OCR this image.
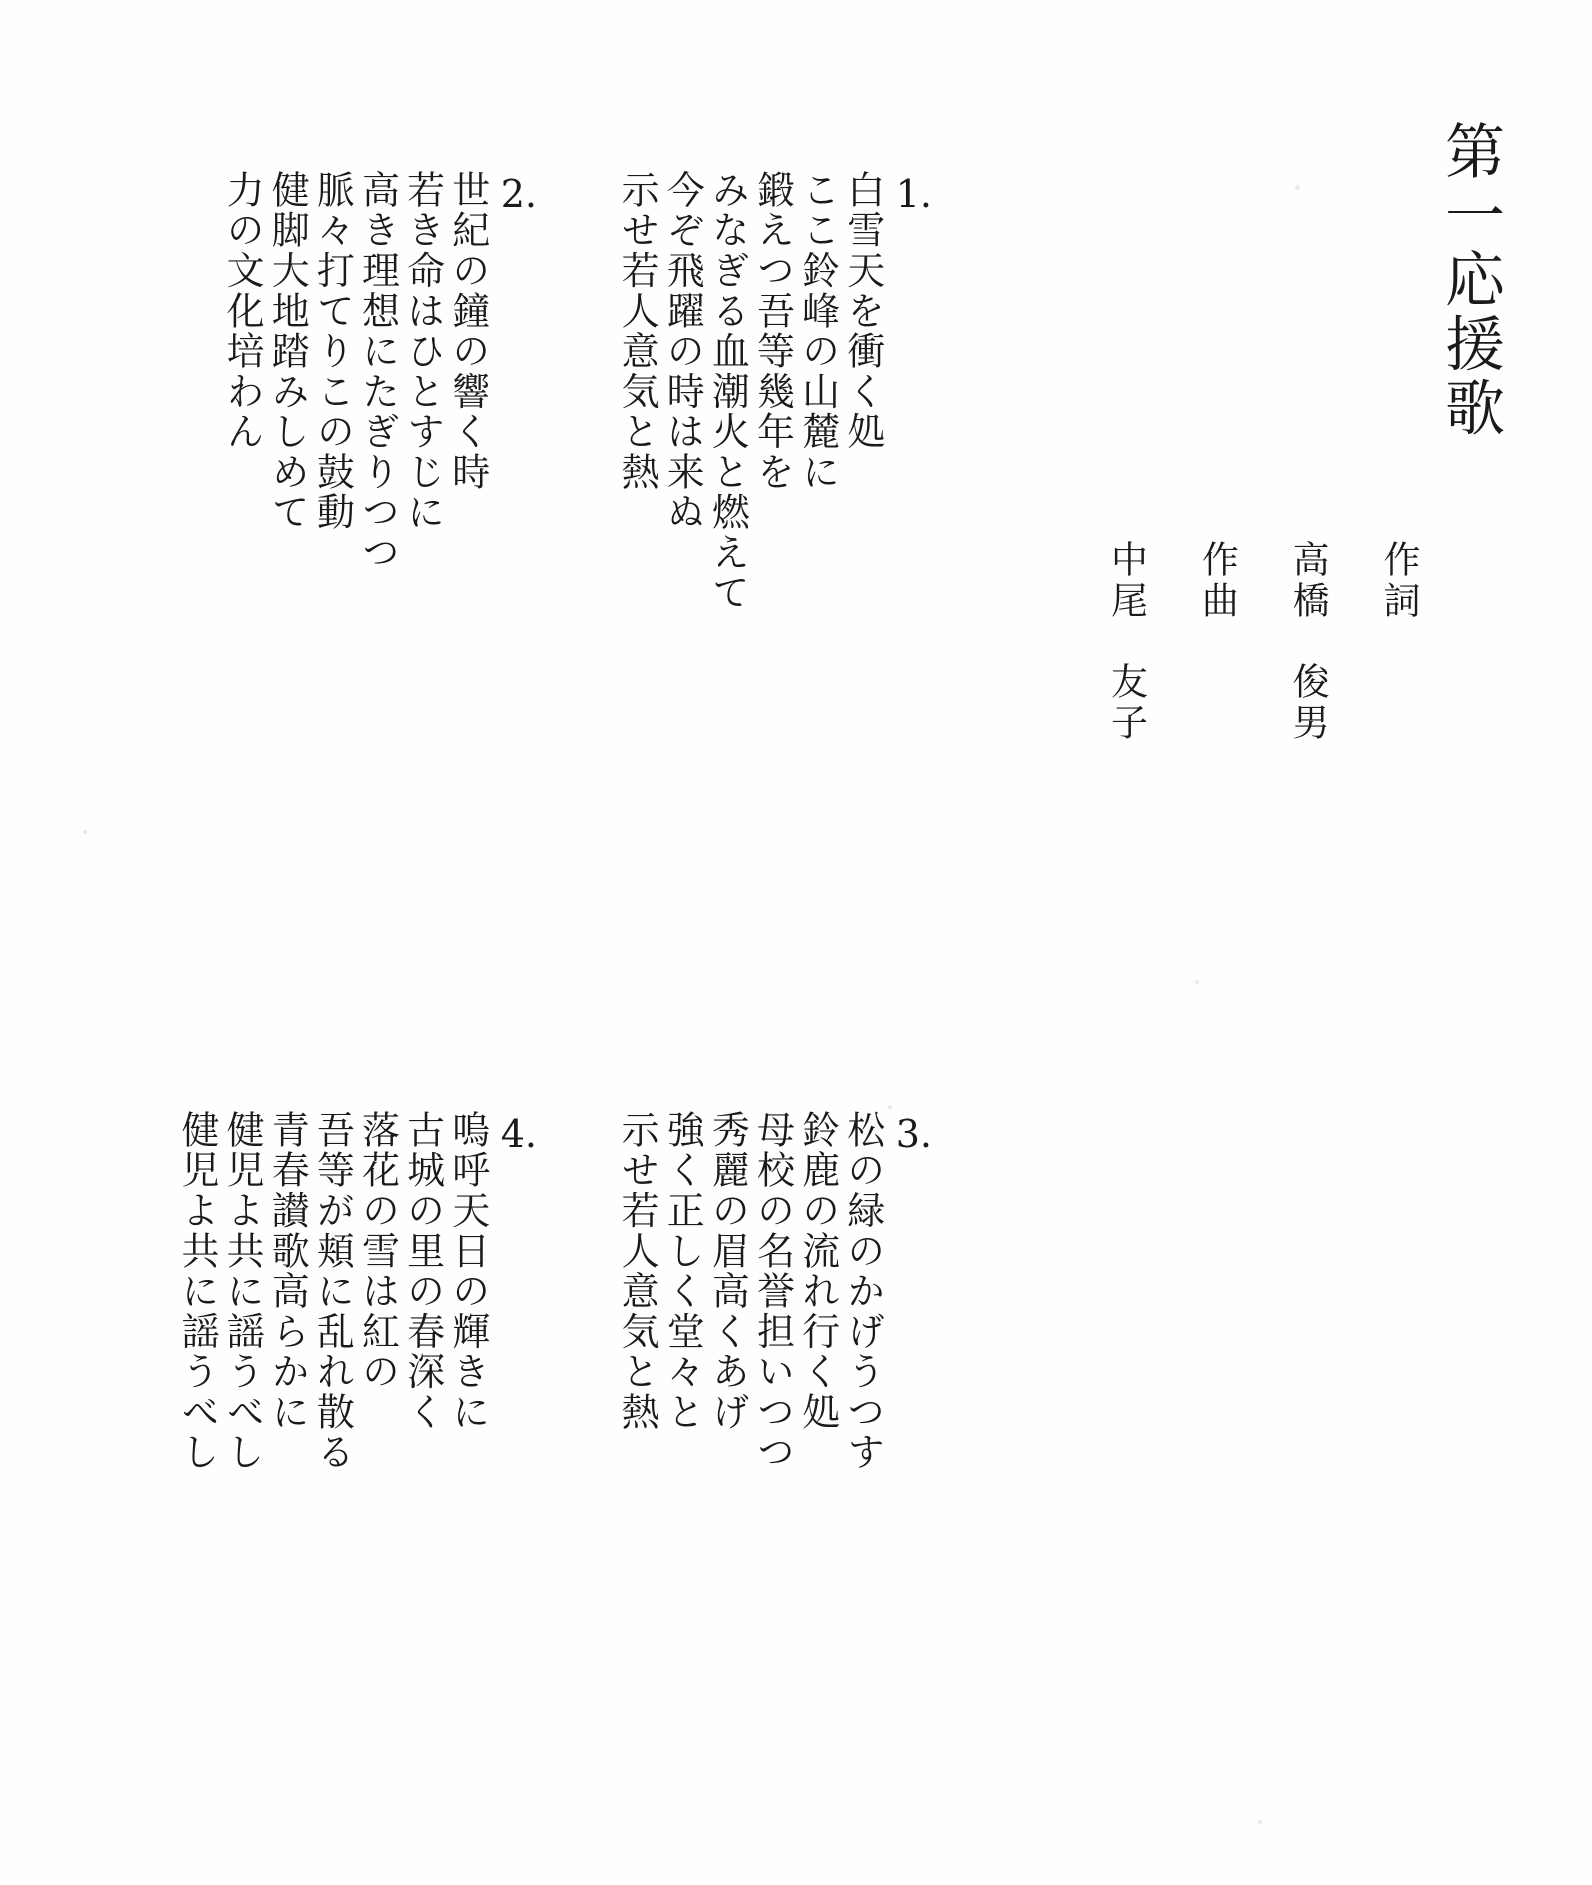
第一応援歌
作詞
高橋　俊男
作曲
中尾　友子
1.
白雪天を衝く処
ここ鈴峰の山麓に
鍛えつ吾等幾年を
みなぎる血潮火と燃えて
今ぞ飛躍の時は来ぬ
示せ若人意気と熱
2.
世紀の鐘の響く時
若き命はひとすじに
高き理想にたぎりつつ
脈々打てりこの鼓動
健脚大地踏みしめて
力の文化培わん
3.
松の緑のかげうつす
鈴鹿の流れ行く処
母校の名誉担いつつ
秀麗の眉高くあげ
強く正しく堂々と
示せ若人意気と熱
4.
嗚呼天日の輝きに
古城の里の春深く
落花の雪は紅の
吾等が頬に乱れ散る
青春讃歌高らかに
健児よ共に謡うべし
健児よ共に謡うべし
